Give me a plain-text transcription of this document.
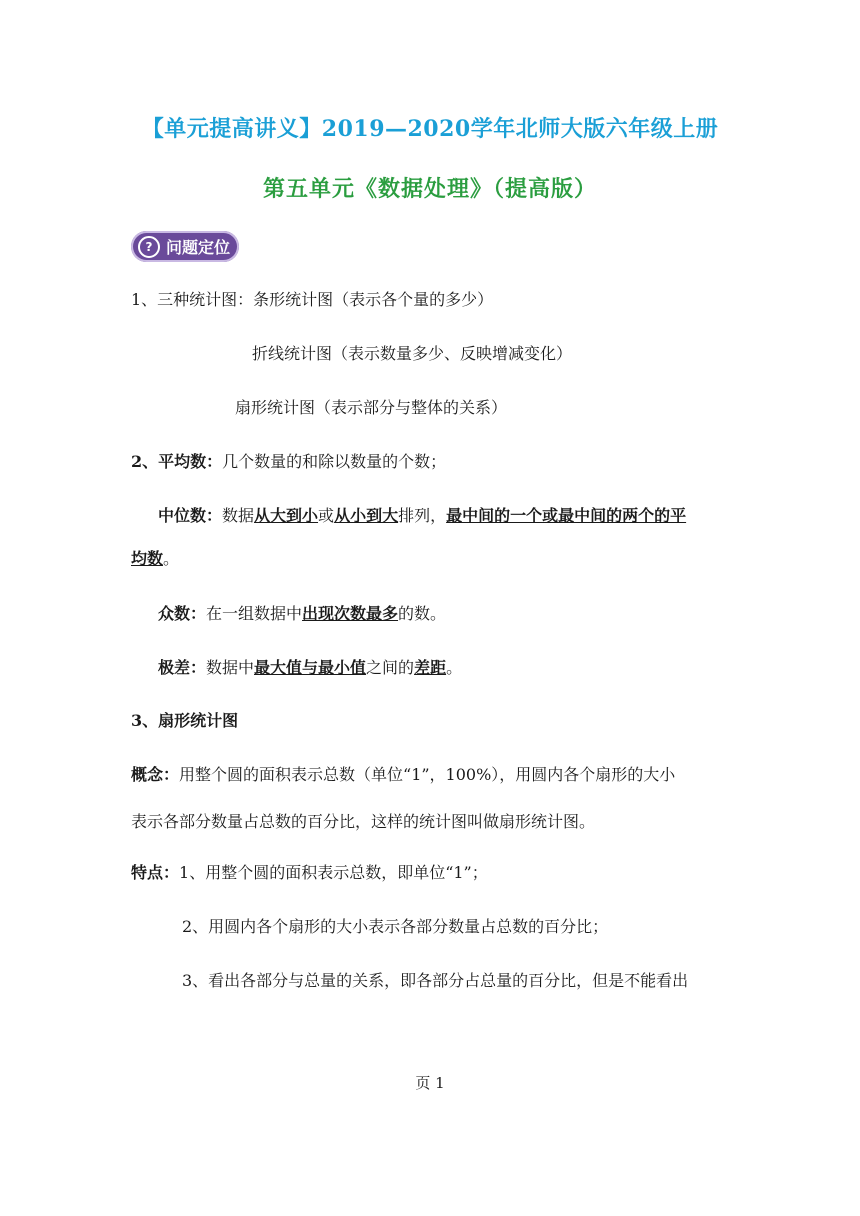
【单元提高讲义】2019—2020学年北师大版六年级上册
第五单元《数据处理》（提高版）
? 问题定位
1、三种统计图：条形统计图（表示各个量的多少）
折线统计图（表示数量多少、反映增减变化）
扇形统计图（表示部分与整体的关系）
2、平均数：几个数量的和除以数量的个数；
中位数：数据从大到小或从小到大排列，最中间的一个或最中间的两个的平
均数。
众数：在一组数据中出现次数最多的数。
极差：数据中最大值与最小值之间的差距。
3、扇形统计图
概念：用整个圆的面积表示总数（单位“1”，100%），用圆内各个扇形的大小
表示各部分数量占总数的百分比，这样的统计图叫做扇形统计图。
特点：1、用整个圆的面积表示总数，即单位“1”；
2、用圆内各个扇形的大小表示各部分数量占总数的百分比；
3、看出各部分与总量的关系，即各部分占总量的百分比，但是不能看出
页 1
